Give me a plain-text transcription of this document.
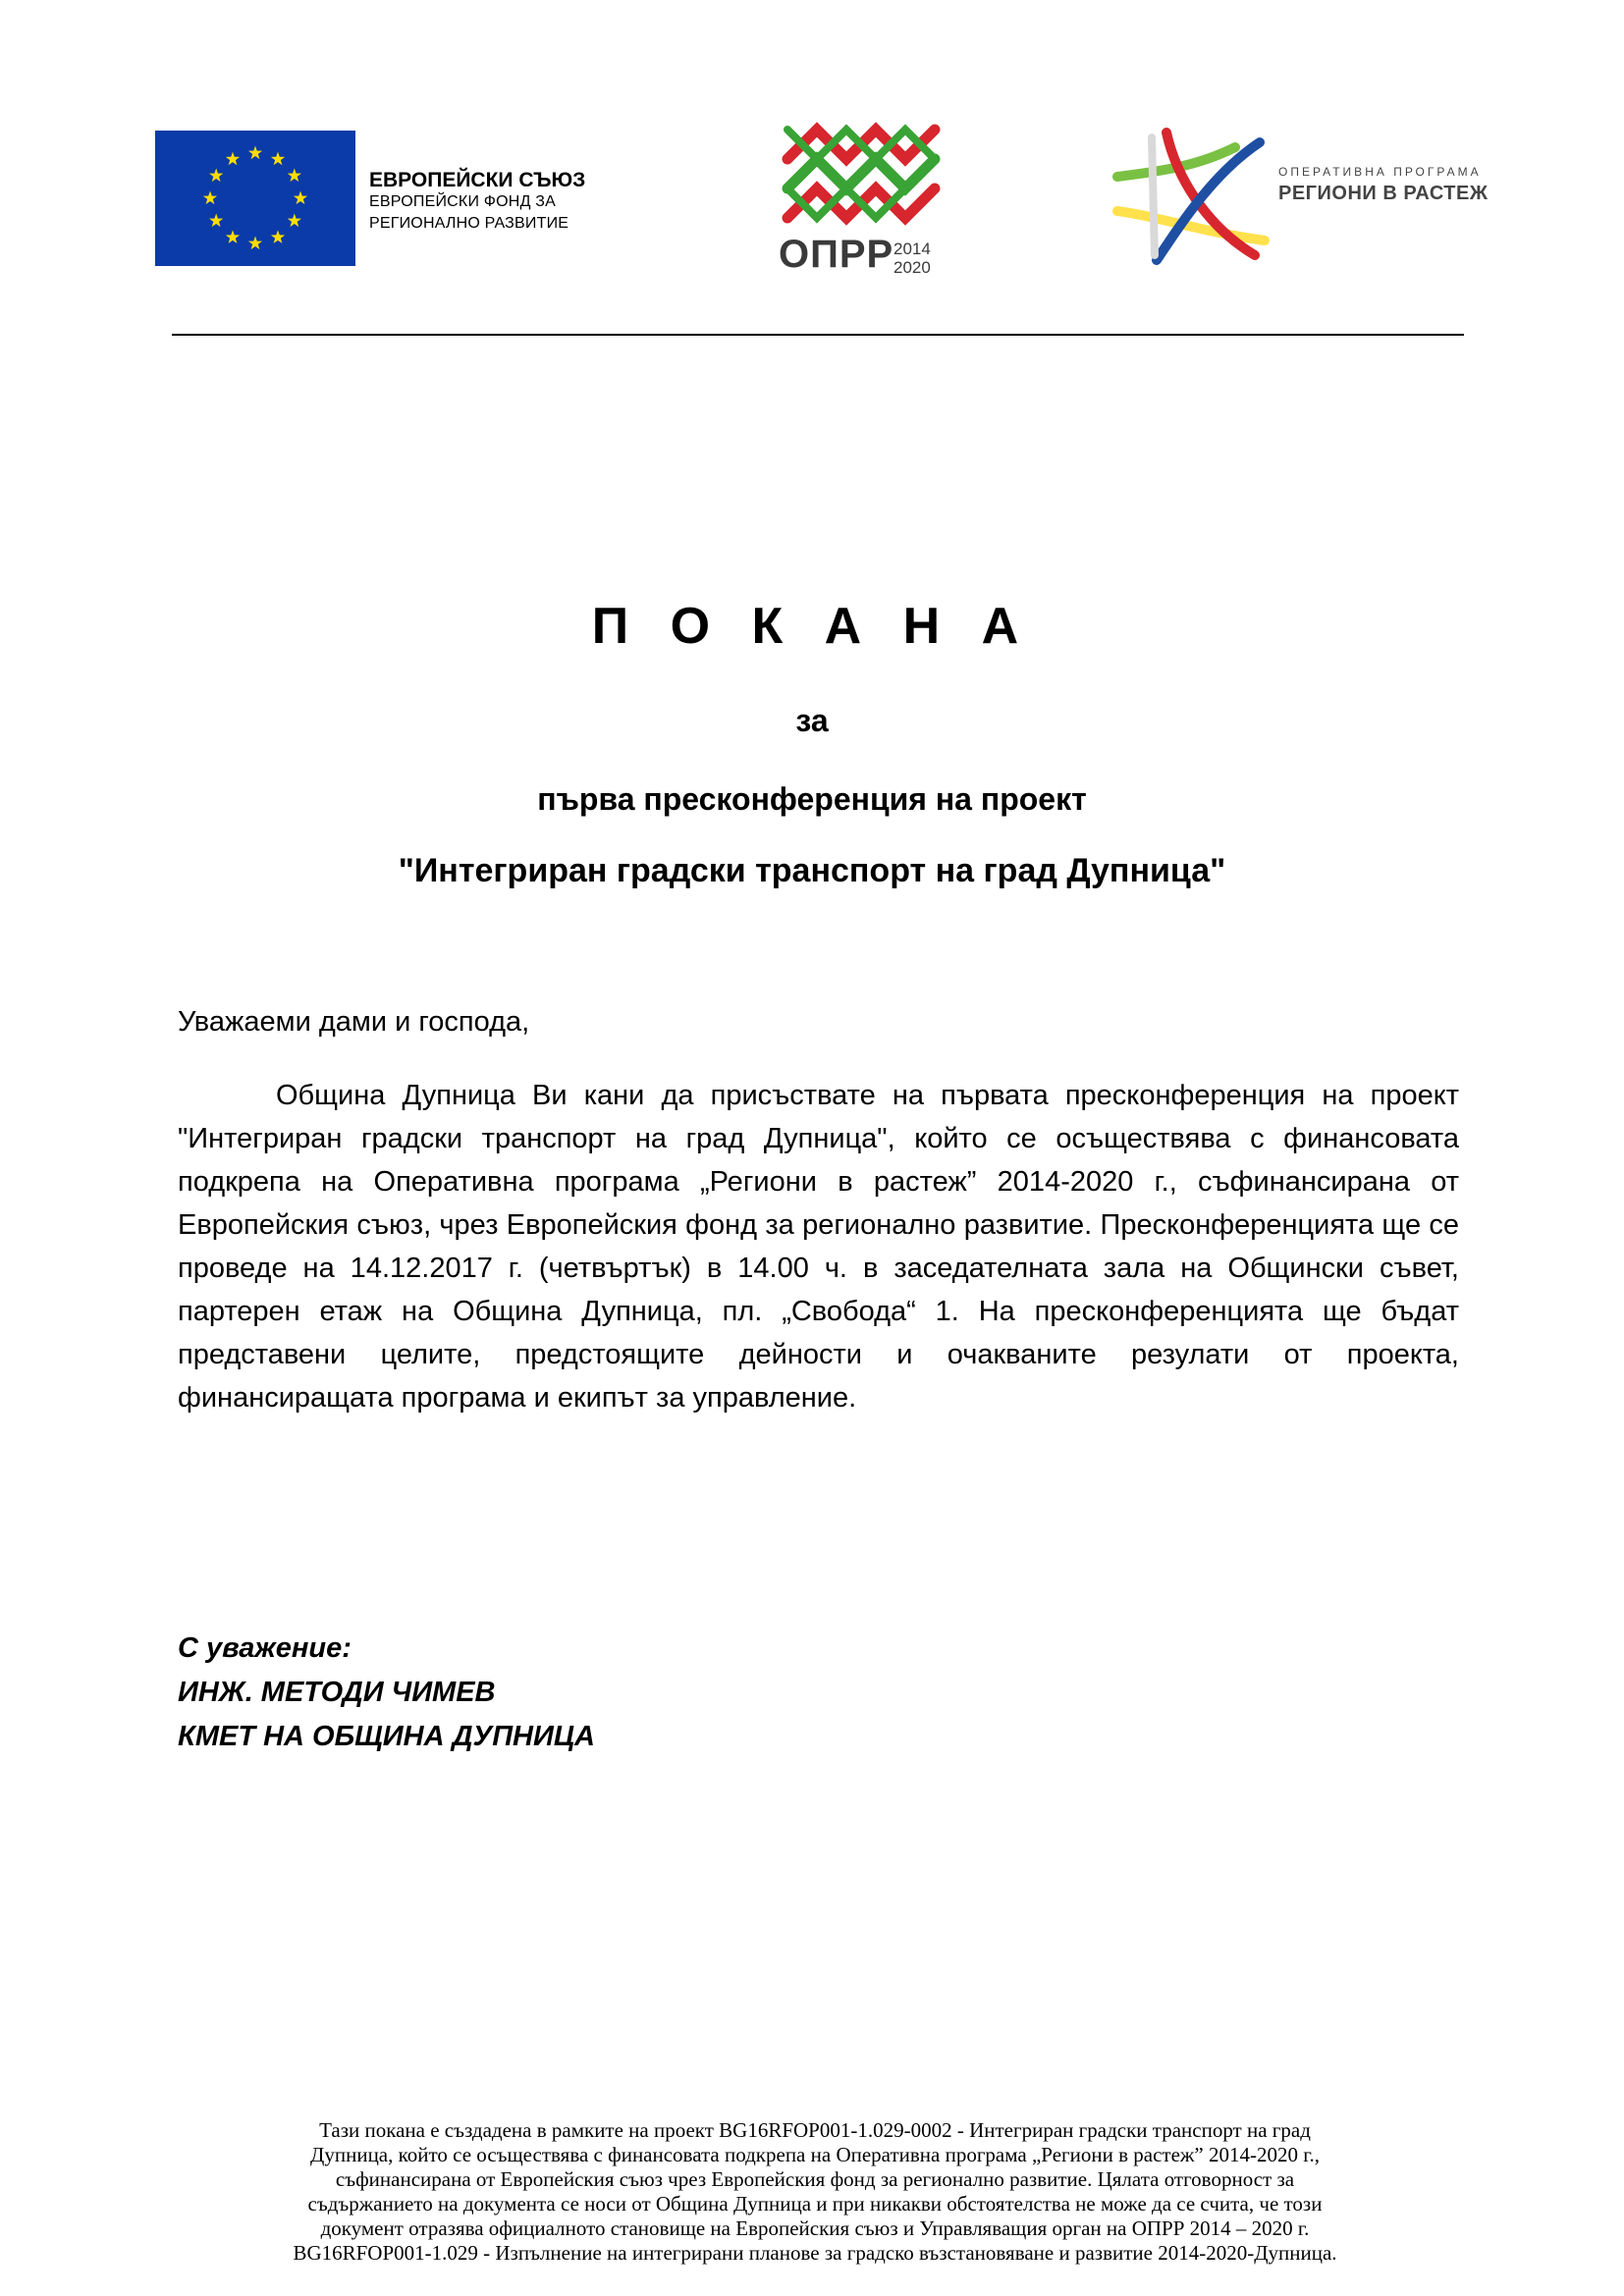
ЕВРОПЕЙСКИ СЪЮЗ
ЕВРОПЕЙСКИ ФОНД ЗА
РЕГИОНАЛНО РАЗВИТИЕ
ОПРР 2014
2020
ОПЕРАТИВНА ПРОГРАМА
РЕГИОНИ В РАСТЕЖ
П О К А Н А
за
първа пресконференция на проект
"Интегриран градски транспорт на град Дупница"
Уважаеми дами и господа,
Община Дупница Ви кани да присъствате на първата пресконференция на проект "Интегриран градски транспорт на град Дупница", който се осъществява с финансовата подкрепа на Оперативна програма „Региони в растеж” 2014-2020 г., съфинансирана от Европейския съюз, чрез Европейския фонд за регионално развитие. Пресконференцията ще се проведе на 14.12.2017 г. (четвъртък) в 14.00 ч. в заседателната зала на Общински съвет, партерен етаж на Община Дупница, пл. „Свобода“ 1. На пресконференцията ще бъдат представени целите, предстоящите дейности и очакваните резулати от проекта, финансиращата програма и екипът за управление.
С уважение:
ИНЖ. МЕТОДИ ЧИМЕВ
КМЕТ НА ОБЩИНА ДУПНИЦА
Тази покана е създадена в рамките на проект BG16RFOP001-1.029-0002 - Интегриран градски транспорт на град
Дупница, който се осъществява с финансовата подкрепа на Оперативна програма „Региони в растеж” 2014-2020 г.,
съфинансирана от Европейския съюз чрез Европейския фонд за регионално развитие. Цялата отговорност за
съдържанието на документа се носи от Община Дупница и при никакви обстоятелства не може да се счита, че този
документ отразява официалното становище на Европейския съюз и Управляващия орган на ОПРР 2014 – 2020 г.
BG16RFOP001-1.029 - Изпълнение на интегрирани планове за градско възстановяване и развитие 2014-2020-Дупница.
